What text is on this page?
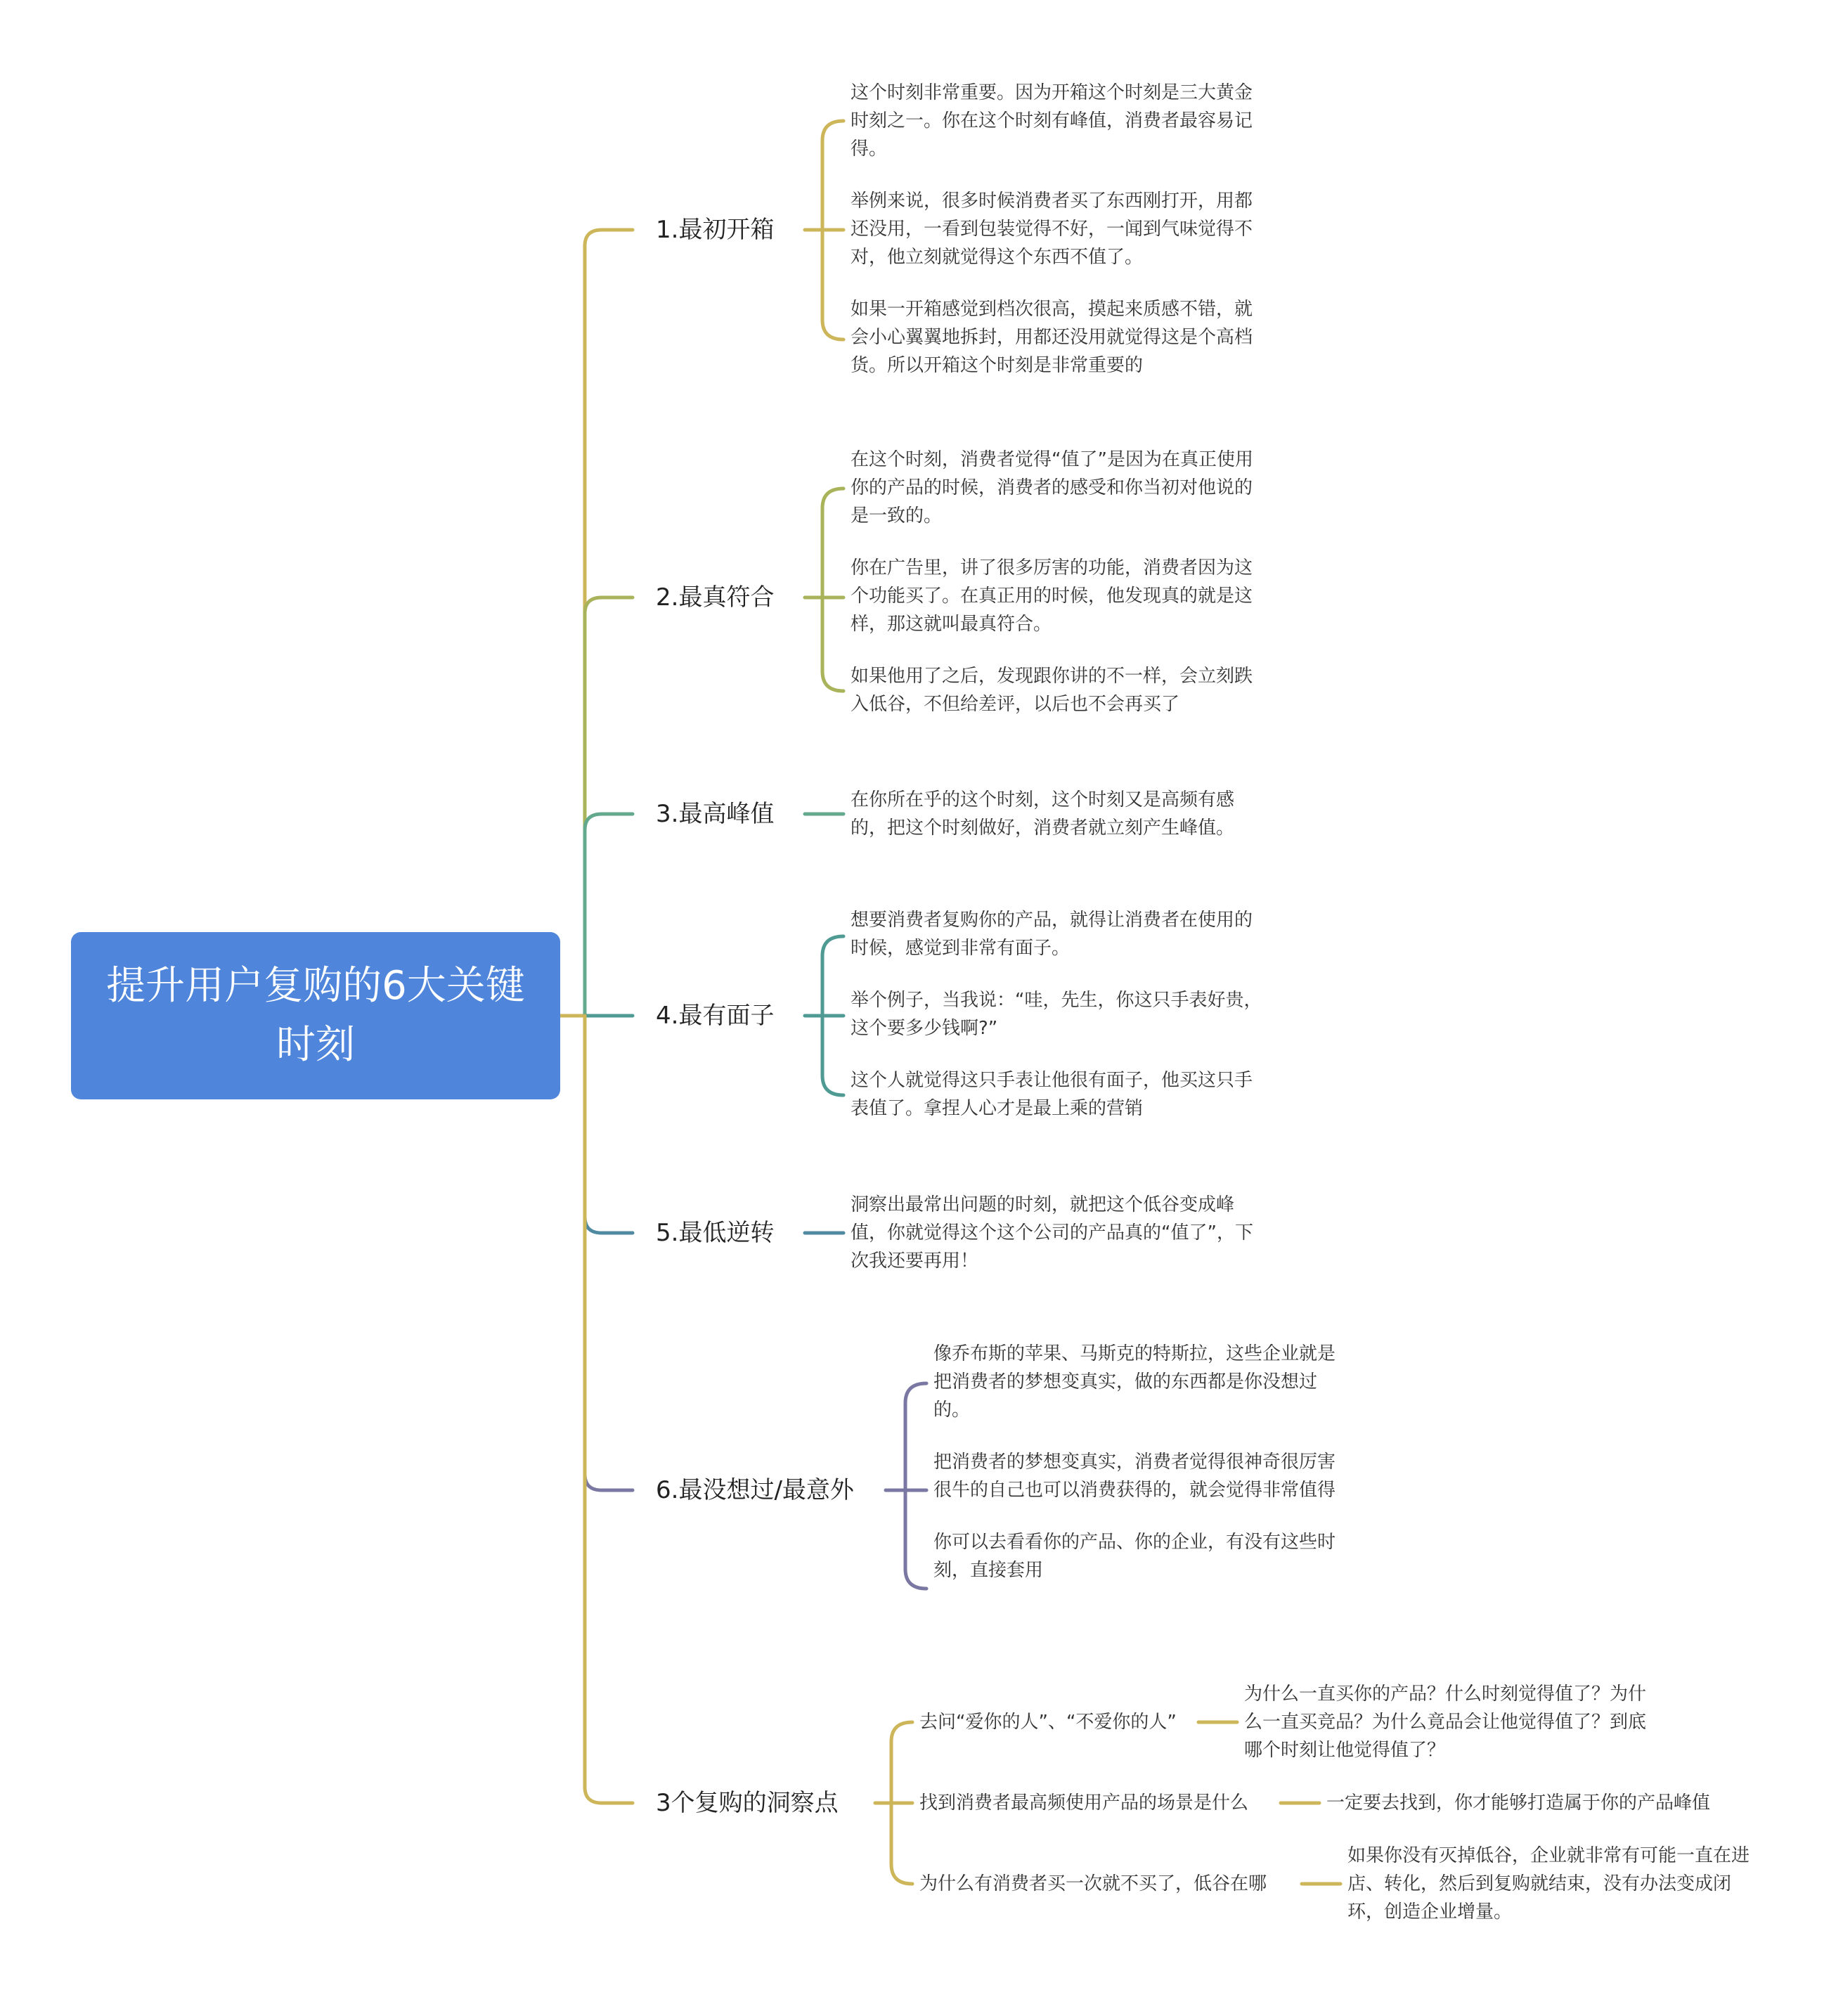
提升用户复购的6大关键时刻
1.最初开箱
这个时刻非常重要。因为开箱这个时刻是三大黄金时刻之一。你在这个时刻有峰值，消费者最容易记得。
举例来说，很多时候消费者买了东西刚打开，用都还没用，一看到包装觉得不好，一闻到气味觉得不对，他立刻就觉得这个东西不值了。
如果一开箱感觉到档次很高，摸起来质感不错，就会小心翼翼地拆封，用都还没用就觉得这是个高档货。所以开箱这个时刻是非常重要的
2.最真符合
在这个时刻，消费者觉得“值了”是因为在真正使用你的产品的时候，消费者的感受和你当初对他说的是一致的。
你在广告里，讲了很多厉害的功能，消费者因为这个功能买了。在真正用的时候，他发现真的就是这样，那这就叫最真符合。
如果他用了之后，发现跟你讲的不一样，会立刻跌入低谷，不但给差评，以后也不会再买了
3.最高峰值	在你所在乎的这个时刻，这个时刻又是高频有感的，把这个时刻做好，消费者就立刻产生峰值。
4.最有面子
想要消费者复购你的产品，就得让消费者在使用的时候，感觉到非常有面子。
举个例子，当我说：“哇，先生，你这只手表好贵，这个要多少钱啊?”
这个人就觉得这只手表让他很有面子，他买这只手表值了。拿捏人心才是最上乘的营销
5.最低逆转
洞察出最常出问题的时刻，就把这个低谷变成峰值，你就觉得这个这个公司的产品真的“值了”，下次我还要再用！
6.最没想过/最意外
像乔布斯的苹果、马斯克的特斯拉，这些企业就是把消费者的梦想变真实，做的东西都是你没想过的。
把消费者的梦想变真实，消费者觉得很神奇很厉害很牛的自己也可以消费获得的，就会觉得非常值得
你可以去看看你的产品、你的企业，有没有这些时刻，直接套用
3个复购的洞察点
去问“爱你的人”、“不爱你的人”
为什么一直买你的产品？什么时刻觉得值了？为什么一直买竞品？为什么竟品会让他觉得值了？到底哪个时刻让他觉得值了？
找到消费者最高频使用产品的场景是什么	一定要去找到，你才能够打造属于你的产品峰值
为什么有消费者买一次就不买了，低谷在哪
如果你没有灭掉低谷，企业就非常有可能一直在进店、转化，然后到复购就结束，没有办法变成闭环，创造企业增量。
